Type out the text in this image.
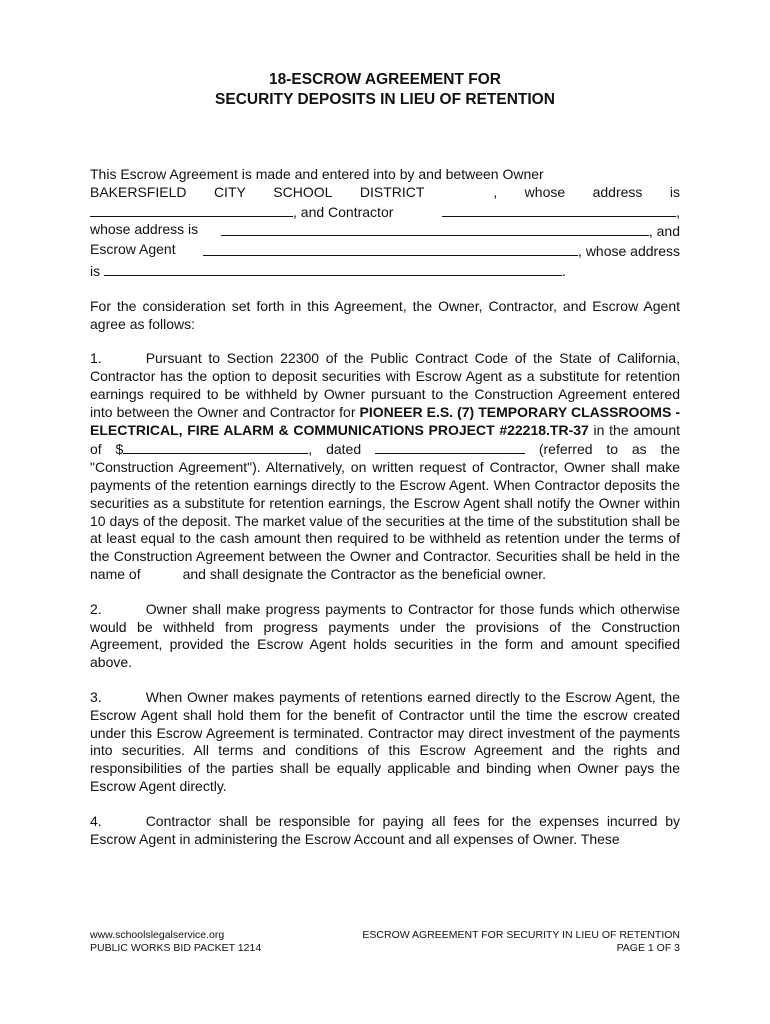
18-ESCROW AGREEMENT FOR
SECURITY DEPOSITS IN LIEU OF RETENTION

This Escrow Agreement is made and entered into by and between Owner

BAKERSFIELD CITY SCHOOL DISTRICT	, whose address is
, and Contractor	,
whose address is	, and
Escrow Agent	, whose address
is	.

For the consideration set forth in this Agreement, the Owner, Contractor, and Escrow Agent agree as follows:

1.	Pursuant to Section 22300 of the Public Contract Code of the State of California, Contractor has the option to deposit securities with Escrow Agent as a substitute for retention earnings required to be withheld by Owner pursuant to the Construction Agreement entered into between the Owner and Contractor for PIONEER E.S. (7) TEMPORARY CLASSROOMS - ELECTRICAL, FIRE ALARM & COMMUNICATIONS PROJECT #22218.TR-37 in the amount of $	, dated	(referred to as the "Construction Agreement"). Alternatively, on written request of Contractor, Owner shall make payments of the retention earnings directly to the Escrow Agent. When Contractor deposits the securities as a substitute for retention earnings, the Escrow Agent shall notify the Owner within 10 days of the deposit. The market value of the securities at the time of the substitution shall be at least equal to the cash amount then required to be withheld as retention under the terms of the Construction Agreement between the Owner and Contractor. Securities shall be held in the name of	and shall designate the Contractor as the beneficial owner.

2.	Owner shall make progress payments to Contractor for those funds which otherwise would be withheld from progress payments under the provisions of the Construction Agreement, provided the Escrow Agent holds securities in the form and amount specified above.

3.	When Owner makes payments of retentions earned directly to the Escrow Agent, the Escrow Agent shall hold them for the benefit of Contractor until the time the escrow created under this Escrow Agreement is terminated. Contractor may direct investment of the payments into securities. All terms and conditions of this Escrow Agreement and the rights and responsibilities of the parties shall be equally applicable and binding when Owner pays the Escrow Agent directly.

4.	Contractor shall be responsible for paying all fees for the expenses incurred by Escrow Agent in administering the Escrow Account and all expenses of Owner. These

www.schoolslegalservice.org
PUBLIC WORKS BID PACKET 1214
ESCROW AGREEMENT FOR SECURITY IN LIEU OF RETENTION
PAGE 1 OF 3
